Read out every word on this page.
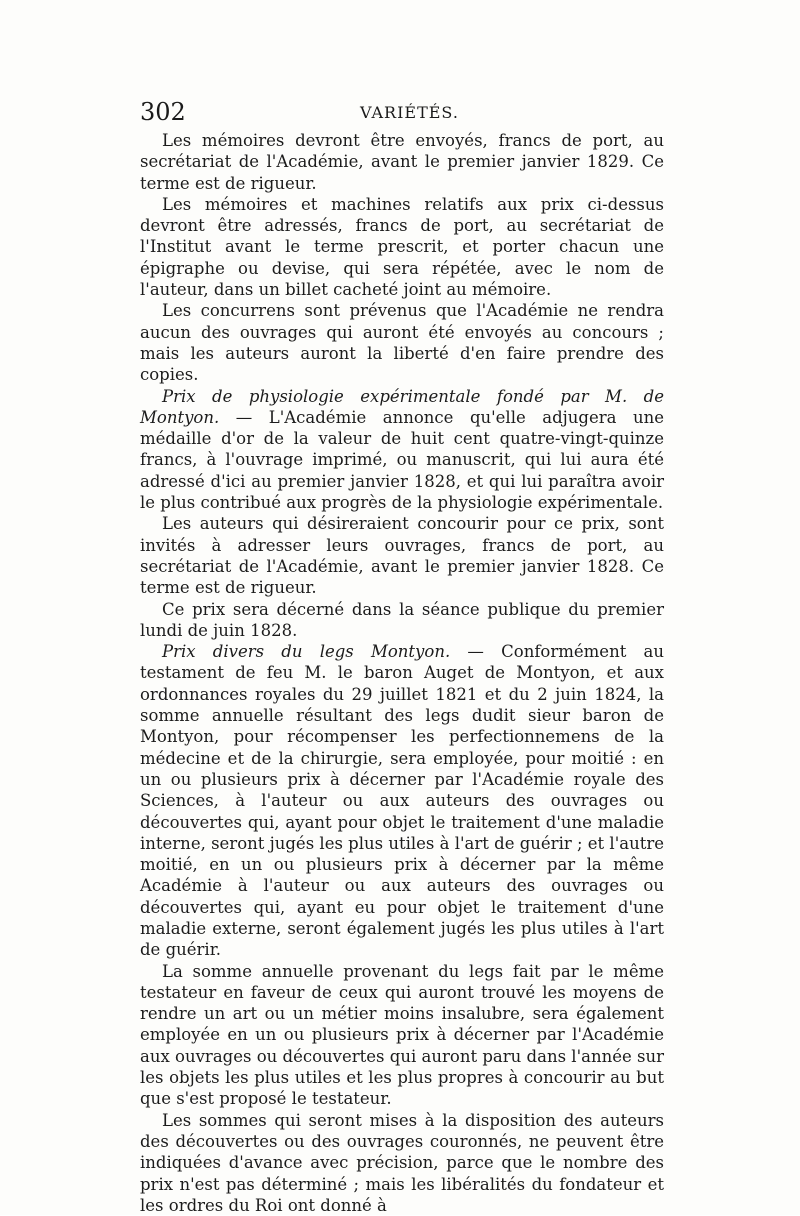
302	VARIÉTÉS.

Les mémoires devront être envoyés, francs de port, au secrétariat de l'Académie, avant le premier janvier 1829. Ce terme est de rigueur.

Les mémoires et machines relatifs aux prix ci-dessus devront être adressés, francs de port, au secrétariat de l'Institut avant le terme prescrit, et porter chacun une épigraphe ou devise, qui sera répétée, avec le nom de l'auteur, dans un billet cacheté joint au mémoire.

Les concurrens sont prévenus que l'Académie ne rendra aucun des ouvrages qui auront été envoyés au concours ; mais les auteurs auront la liberté d'en faire prendre des copies.

Prix de physiologie expérimentale fondé par M. de Montyon. — L'Académie annonce qu'elle adjugera une médaille d'or de la valeur de huit cent quatre-vingt-quinze francs, à l'ouvrage imprimé, ou manuscrit, qui lui aura été adressé d'ici au premier janvier 1828, et qui lui paraîtra avoir le plus contribué aux progrès de la physiologie expérimentale.

Les auteurs qui désireraient concourir pour ce prix, sont invités à adresser leurs ouvrages, francs de port, au secrétariat de l'Académie, avant le premier janvier 1828. Ce terme est de rigueur.

Ce prix sera décerné dans la séance publique du premier lundi de juin 1828.

Prix divers du legs Montyon. — Conformément au testament de feu M. le baron Auget de Montyon, et aux ordonnances royales du 29 juillet 1821 et du 2 juin 1824, la somme annuelle résultant des legs dudit sieur baron de Montyon, pour récompenser les perfectionnemens de la médecine et de la chirurgie, sera employée, pour moitié : en un ou plusieurs prix à décerner par l'Académie royale des Sciences, à l'auteur ou aux auteurs des ouvrages ou découvertes qui, ayant pour objet le traitement d'une maladie interne, seront jugés les plus utiles à l'art de guérir ; et l'autre moitié, en un ou plusieurs prix à décerner par la même Académie à l'auteur ou aux auteurs des ouvrages ou découvertes qui, ayant eu pour objet le traitement d'une maladie externe, seront également jugés les plus utiles à l'art de guérir.

La somme annuelle provenant du legs fait par le même testateur en faveur de ceux qui auront trouvé les moyens de rendre un art ou un métier moins insalubre, sera également employée en un ou plusieurs prix à décerner par l'Académie aux ouvrages ou découvertes qui auront paru dans l'année sur les objets les plus utiles et les plus propres à concourir au but que s'est proposé le testateur.

Les sommes qui seront mises à la disposition des auteurs des découvertes ou des ouvrages couronnés, ne peuvent être indiquées d'avance avec précision, parce que le nombre des prix n'est pas déterminé ; mais les libéralités du fondateur et les ordres du Roi ont donné à
